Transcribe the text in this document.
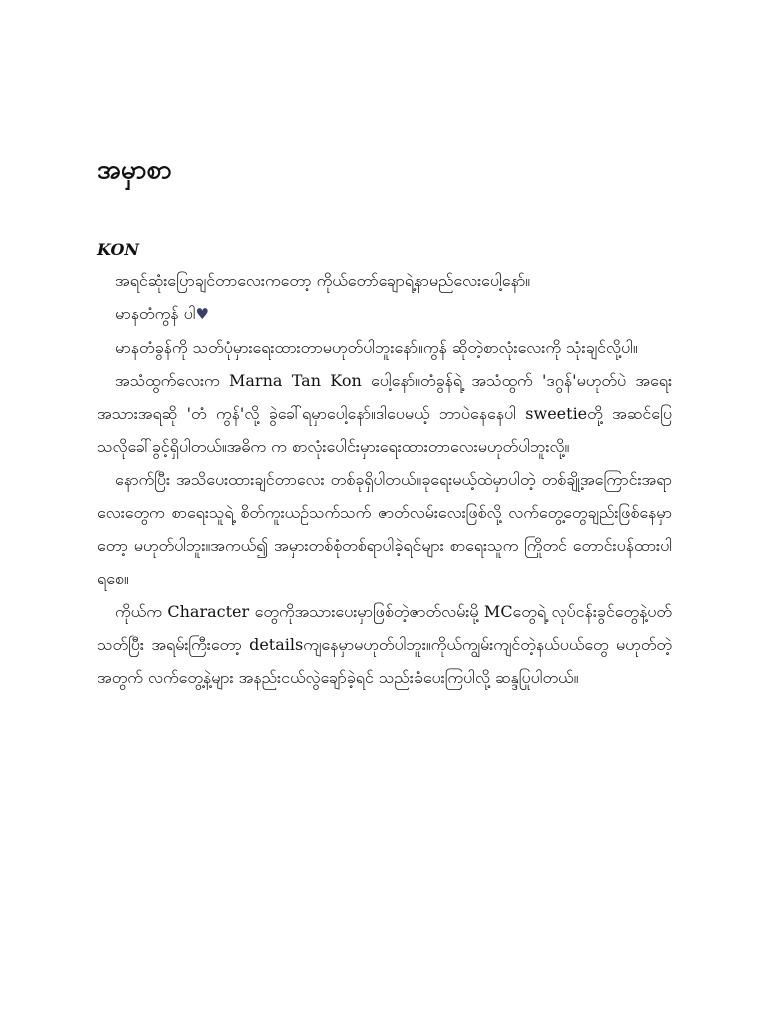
အမှာစာ
KON

အရင်ဆုံးပြောချင်တာလေးကတော့ ကိုယ်တော်ချောရဲ့နာမည်လေးပေါ့နော်။

မာနတံကွန် ပါ♥

မာနတံခွန်ကို သတ်ပုံမှားရေးထားတာမဟုတ်ပါဘူးနော်။ကွန် ဆိုတဲ့စာလုံးလေးကို သုံးချင်လို့ပါ။

အသံထွက်လေးက Marna Tan Kon ပေါ့နော်။တံခွန်ရဲ့ အသံထွက် 'ဒဂွန်'မဟုတ်ပဲ အရေးအသားအရဆို 'တံ ကွန်'လို့ ခွဲခေါ်ရမှာပေါ့နော်။ဒါပေမယ့် ဘာပဲနေနေပါ sweetieတို့ အဆင်ပြေသလိုခေါ်ခွင့်ရှိပါတယ်။အဓိက က စာလုံးပေါင်းမှားရေးထားတာလေးမဟုတ်ပါဘူးလို့။

နောက်ပြီး အသိပေးထားချင်တာလေး တစ်ခုရှိပါတယ်။ခုရေးမယ့်ထဲမှာပါတဲ့ တစ်ချို့အကြောင်းအရာလေးတွေက စာရေးသူရဲ့ စိတ်ကူးယဉ်သက်သက် ဇာတ်လမ်းလေးဖြစ်လို့ လက်တွေ့တွေချည်းဖြစ်နေမှာတော့ မဟုတ်ပါဘူး။အကယ်၍ အမှားတစ်စုံတစ်ရာပါခဲ့ရင်များ စာရေးသူက ကြိုတင် တောင်းပန်ထားပါရစေ။

ကိုယ်က Character တွေကိုအသားပေးမှာဖြစ်တဲ့ဇာတ်လမ်းမို့ MCတွေရဲ့ လုပ်ငန်းခွင်တွေနဲ့ပတ်သတ်ပြီး အရမ်းကြီးတော့ detailsကျနေမှာမဟုတ်ပါဘူး။ကိုယ်ကျွမ်းကျင်တဲ့နယ်ပယ်တွေ မဟုတ်တဲ့အတွက် လက်တွေ့နဲ့များ အနည်းငယ်လွဲချော်ခဲ့ရင် သည်းခံပေးကြပါလို့ ဆန္ဒပြုပါတယ်။
